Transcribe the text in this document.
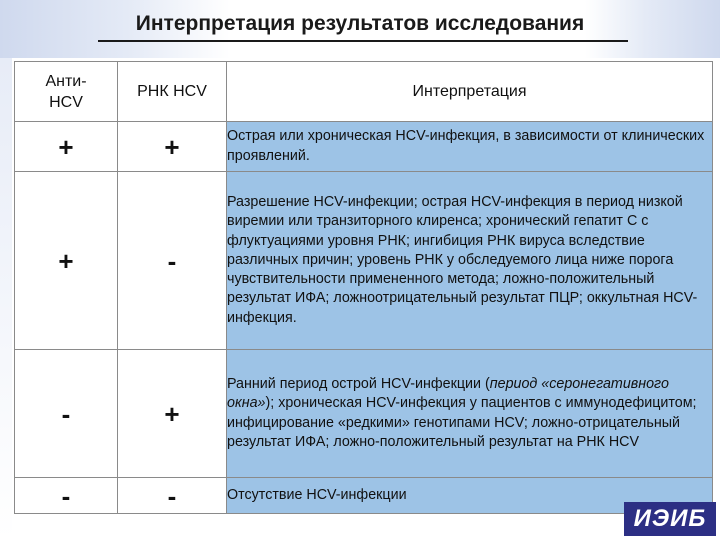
Интерпретация результатов исследования
Анти-HCV	РНК HCV	Интерпретация
+	+	Острая или хроническая HCV-инфекция, в зависимости от клинических проявлений.
+	-	Разрешение HCV-инфекции; острая HCV-инфекция в период низкой виремии или транзиторного клиренса; хронический гепатит С с флуктуациями уровня РНК; ингибиция РНК вируса вследствие различных причин; уровень РНК у обследуемого лица ниже порога чувствительности примененного метода; ложно-положительный результат ИФА; ложноотрицательный результат ПЦР; оккультная HCV-инфекция.
-	+	Ранний период острой HCV-инфекции (период «серонегативного окна»); хроническая HCV-инфекция у пациентов с иммунодефицитом; инфицирование «редкими» генотипами HCV; ложно-отрицательный результат ИФА; ложно-положительный результат на РНК HCV
-	-	Отсутствие HCV-инфекции
ИЭИБ
